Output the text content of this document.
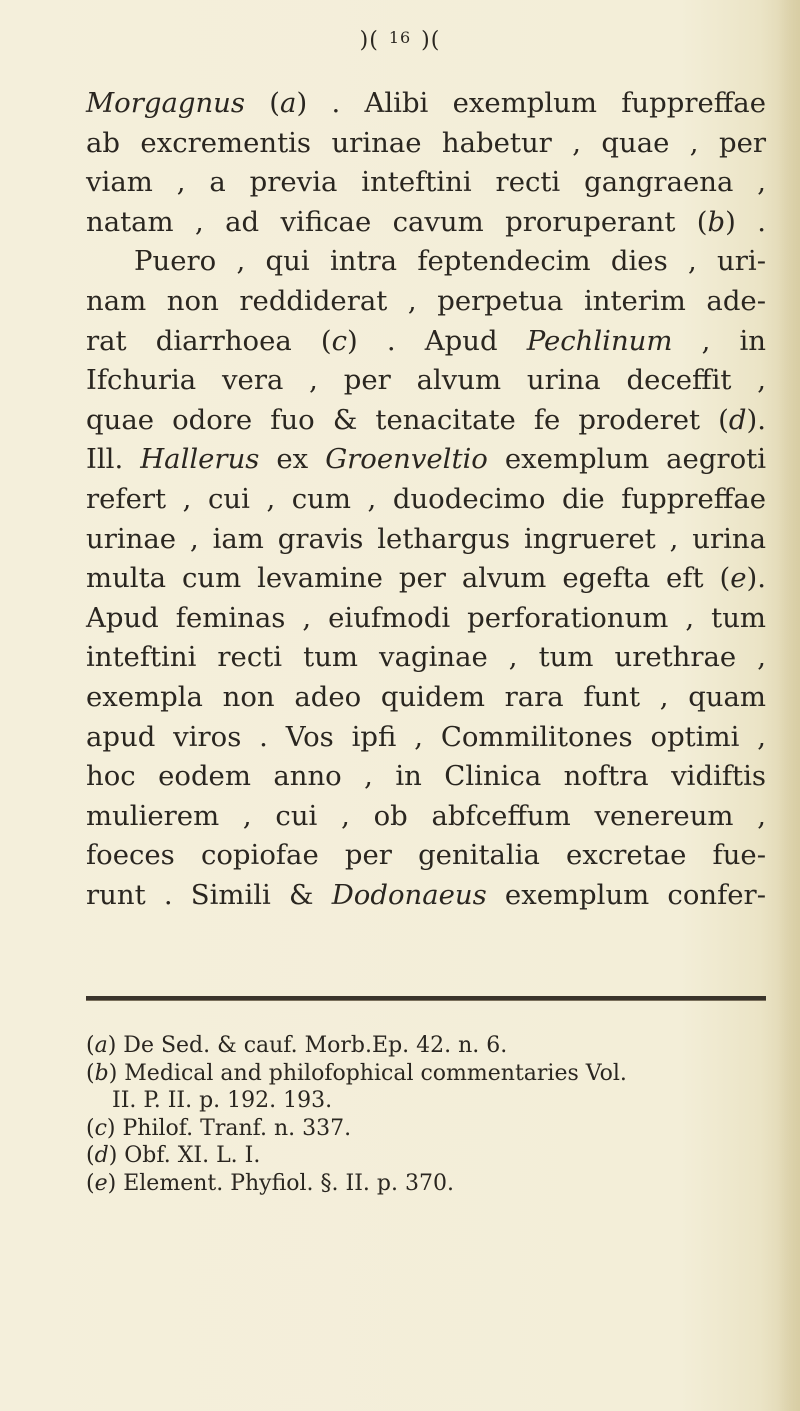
)( 16 )(
Morgagnus (a) . Alibi exemplum fuppreffae
ab excrementis urinae habetur , quae , per
viam , a previa inteftini recti gangraena ,
natam , ad vificae cavum proruperant (b) .
Puero , qui intra feptendecim dies , uri-
nam non reddiderat , perpetua interim ade-
rat diarrhoea (c) . Apud Pechlinum , in
Ifchuria vera , per alvum urina deceffit ,
quae odore fuo & tenacitate fe proderet (d).
Ill. Hallerus ex Groenveltio exemplum aegroti
refert , cui , cum , duodecimo die fuppreffae
urinae , iam gravis lethargus ingrueret , urina
multa cum levamine per alvum egefta eft (e).
Apud feminas , eiufmodi perforationum , tum
inteftini recti tum vaginae , tum urethrae ,
exempla non adeo quidem rara funt , quam
apud viros . Vos ipfi , Commilitones optimi ,
hoc eodem anno , in Clinica noftra vidiftis
mulierem , cui , ob abfceffum venereum ,
foeces copiofae per genitalia excretae fue-
runt . Simili & Dodonaeus exemplum confer-
(a) De Sed. & cauf. Morb.Ep. 42. n. 6.
(b) Medical and philofophical commentaries Vol.
II. P. II. p. 192. 193.
(c) Philof. Tranf. n. 337.
(d) Obf. XI. L. I.
(e) Element. Phyfiol. §. II. p. 370.
